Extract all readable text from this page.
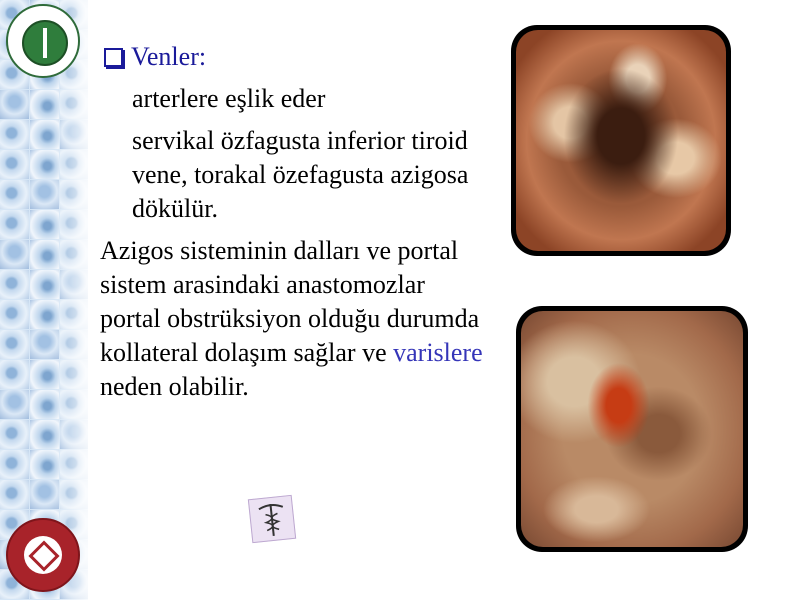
Venler:

arterlere eşlik eder

servikal özfagusta inferior tiroid vene, torakal özefagusta azigosa dökülür.

Azigos sisteminin dalları ve portal sistem arasindaki anastomozlar portal obstrüksiyon olduğu durumda kollateral dolaşım sağlar ve varislere neden olabilir.
